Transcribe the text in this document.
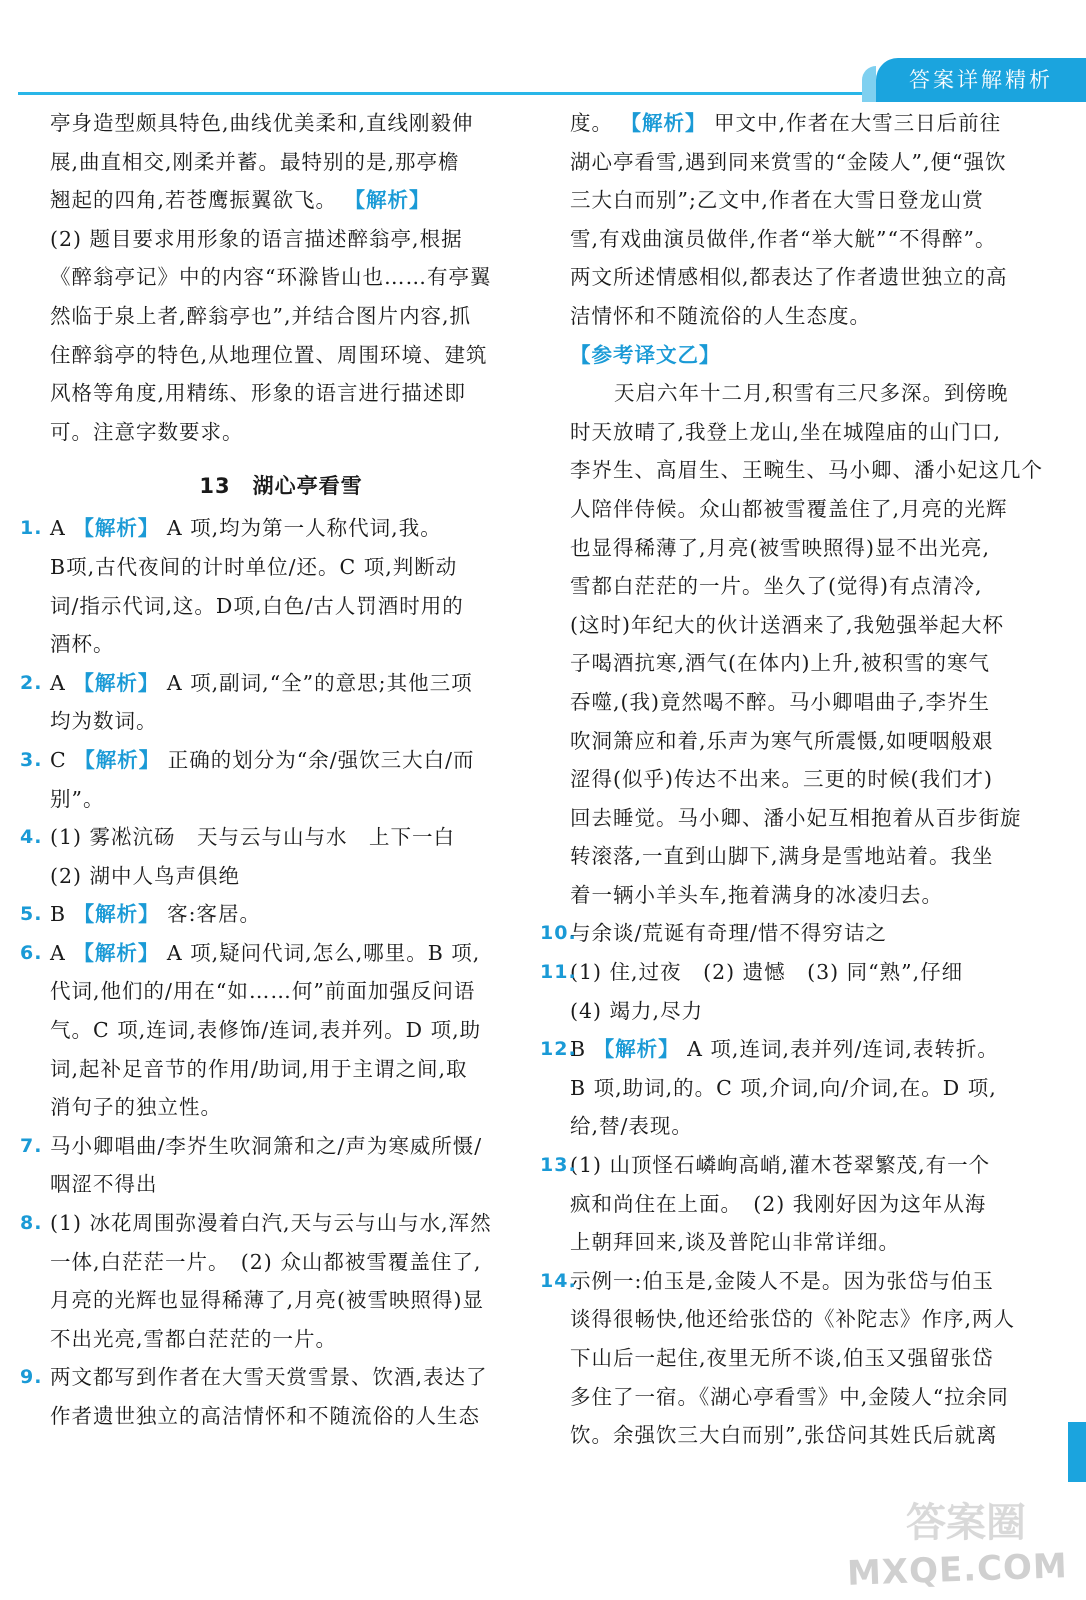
答案详解精析
亭身造型颇具特色,曲线优美柔和,直线刚毅伸
展,曲直相交,刚柔并蓄。最特别的是,那亭檐
翘起的四角,若苍鹰振翼欲飞。 【解析】
(2) 题目要求用形象的语言描述醉翁亭,根据
《醉翁亭记》中的内容“环滁皆山也……有亭翼
然临于泉上者,醉翁亭也”,并结合图片内容,抓
住醉翁亭的特色,从地理位置、周围环境、建筑
风格等角度,用精练、形象的语言进行描述即
可。注意字数要求。
13　湖心亭看雪
1. A 【解析】 A 项,均为第一人称代词,我。
B项,古代夜间的计时单位/还。C 项,判断动
词/指示代词,这。D项,白色/古人罚酒时用的
酒杯。
2. A 【解析】 A 项,副词,“全”的意思;其他三项
均为数词。
3. C 【解析】 正确的划分为“余/强饮三大白/而
别”。
4. (1) 雾凇沆砀　天与云与山与水　上下一白
(2) 湖中人鸟声俱绝
5. B 【解析】 客:客居。
6. A 【解析】 A 项,疑问代词,怎么,哪里。B 项,
代词,他们的/用在“如……何”前面加强反问语
气。C 项,连词,表修饰/连词,表并列。D 项,助
词,起补足音节的作用/助词,用于主谓之间,取
消句子的独立性。
7. 马小卿唱曲/李岕生吹洞箫和之/声为寒威所慑/
咽涩不得出
8. (1) 冰花周围弥漫着白汽,天与云与山与水,浑然
一体,白茫茫一片。　(2) 众山都被雪覆盖住了,
月亮的光辉也显得稀薄了,月亮(被雪映照得)显
不出光亮,雪都白茫茫的一片。
9. 两文都写到作者在大雪天赏雪景、饮酒,表达了
作者遗世独立的高洁情怀和不随流俗的人生态
度。 【解析】 甲文中,作者在大雪三日后前往
湖心亭看雪,遇到同来赏雪的“金陵人”,便“强饮
三大白而别”;乙文中,作者在大雪日登龙山赏
雪,有戏曲演员做伴,作者“举大觥”“不得醉”。
两文所述情感相似,都表达了作者遗世独立的高
洁情怀和不随流俗的人生态度。
【参考译文乙】
天启六年十二月,积雪有三尺多深。到傍晚
时天放晴了,我登上龙山,坐在城隍庙的山门口,
李岕生、高眉生、王畹生、马小卿、潘小妃这几个
人陪伴侍候。众山都被雪覆盖住了,月亮的光辉
也显得稀薄了,月亮(被雪映照得)显不出光亮,
雪都白茫茫的一片。坐久了(觉得)有点清冷,
(这时)年纪大的伙计送酒来了,我勉强举起大杯
子喝酒抗寒,酒气(在体内)上升,被积雪的寒气
吞噬,(我)竟然喝不醉。马小卿唱曲子,李岕生
吹洞箫应和着,乐声为寒气所震慑,如哽咽般艰
涩得(似乎)传达不出来。三更的时候(我们才)
回去睡觉。马小卿、潘小妃互相抱着从百步街旋
转滚落,一直到山脚下,满身是雪地站着。我坐
着一辆小羊头车,拖着满身的冰凌归去。
10.
与余谈/荒诞有奇理/惜不得穷诘之
11.
(1) 住,过夜　(2) 遗憾　(3) 同“熟”,仔细
(4) 竭力,尽力
12.
B 【解析】 A 项,连词,表并列/连词,表转折。
B 项,助词,的。C 项,介词,向/介词,在。D 项,
给,替/表现。
13.
(1) 山顶怪石嶙峋高峭,灌木苍翠繁茂,有一个
疯和尚住在上面。　(2) 我刚好因为这年从海
上朝拜回来,谈及普陀山非常详细。
14.
示例一:伯玉是,金陵人不是。因为张岱与伯玉
谈得很畅快,他还给张岱的《补陀志》作序,两人
下山后一起住,夜里无所不谈,伯玉又强留张岱
多住了一宿。《湖心亭看雪》中,金陵人“拉余同
饮。余强饮三大白而别”,张岱问其姓氏后就离
答案圈
MXQE.COM
